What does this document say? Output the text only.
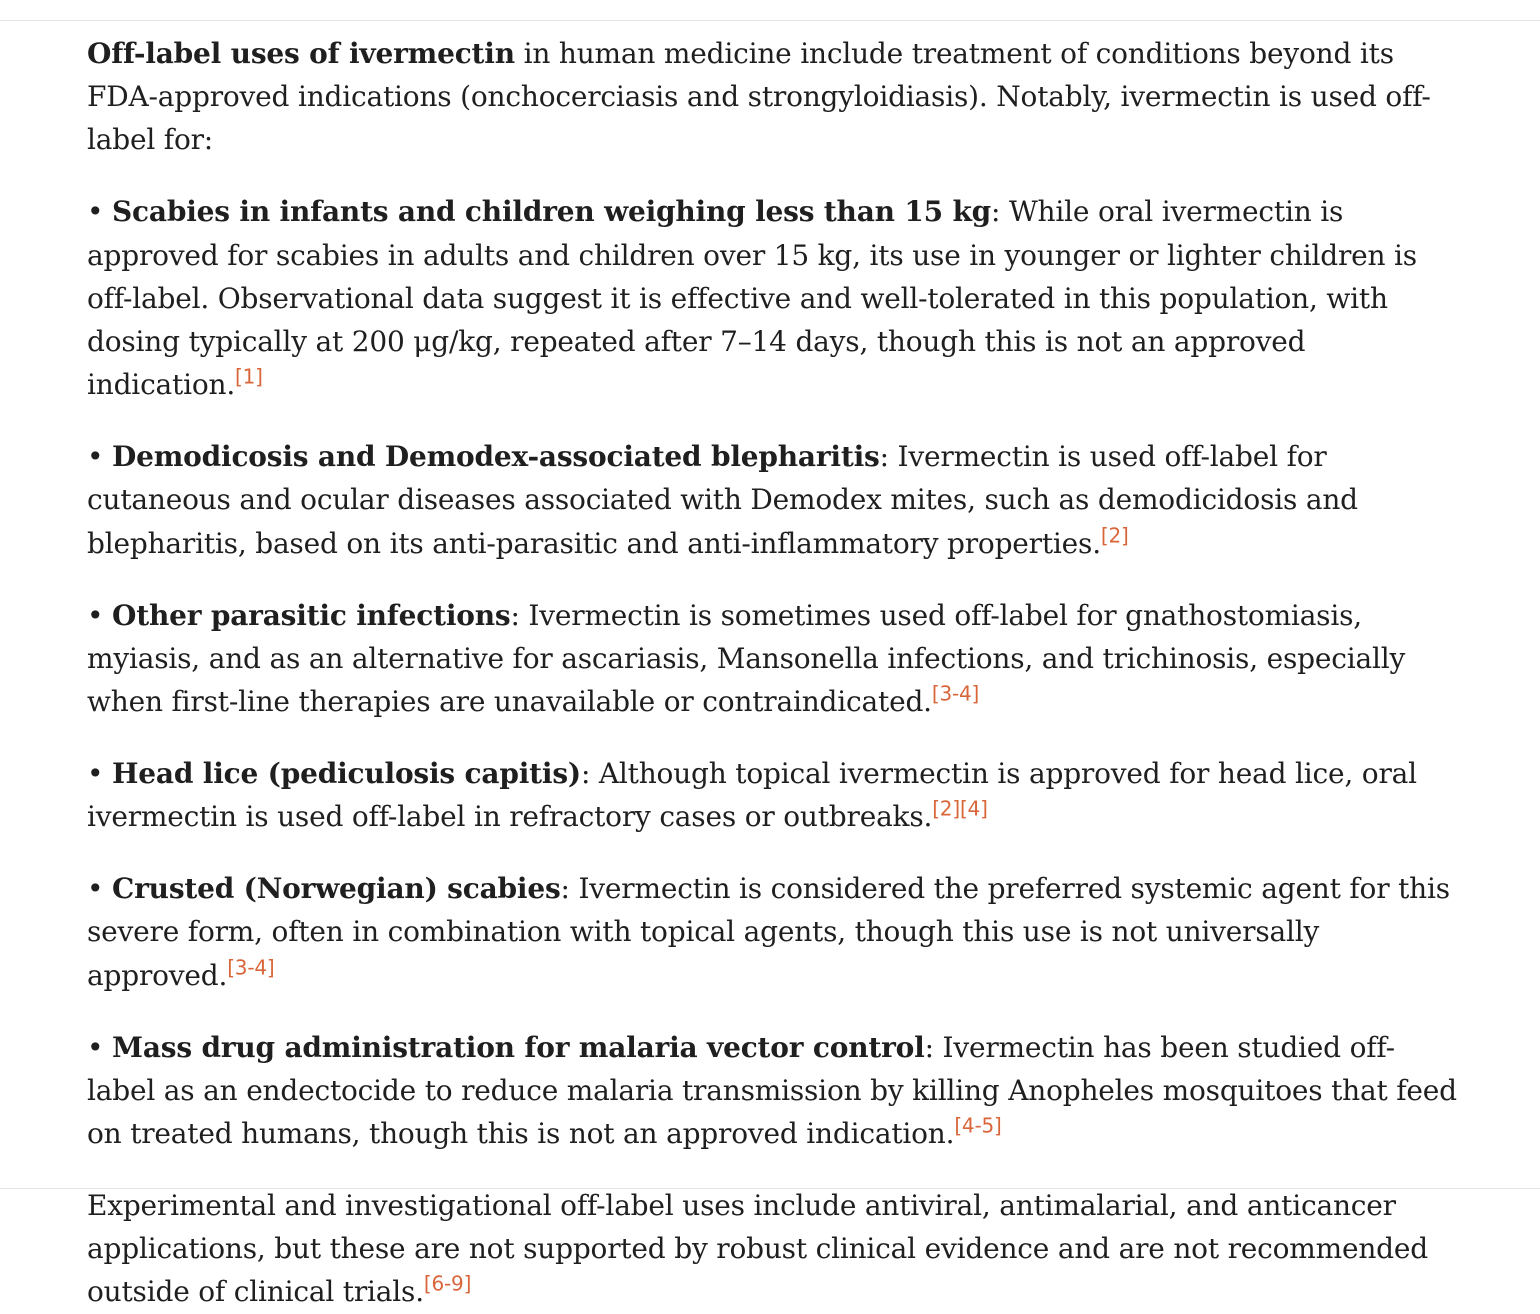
Off-label uses of ivermectin in human medicine include treatment of conditions beyond its FDA-approved indications (onchocerciasis and strongyloidiasis). Notably, ivermectin is used off-label for:

• Scabies in infants and children weighing less than 15 kg: While oral ivermectin is approved for scabies in adults and children over 15 kg, its use in younger or lighter children is off-label. Observational data suggest it is effective and well-tolerated in this population, with dosing typically at 200 μg/kg, repeated after 7–14 days, though this is not an approved indication.[1]

• Demodicosis and Demodex-associated blepharitis: Ivermectin is used off-label for cutaneous and ocular diseases associated with Demodex mites, such as demodicidosis and blepharitis, based on its anti-parasitic and anti-inflammatory properties.[2]

• Other parasitic infections: Ivermectin is sometimes used off-label for gnathostomiasis, myiasis, and as an alternative for ascariasis, Mansonella infections, and trichinosis, especially when first-line therapies are unavailable or contraindicated.[3-4]

• Head lice (pediculosis capitis): Although topical ivermectin is approved for head lice, oral ivermectin is used off-label in refractory cases or outbreaks.[2][4]

• Crusted (Norwegian) scabies: Ivermectin is considered the preferred systemic agent for this severe form, often in combination with topical agents, though this use is not universally approved.[3-4]

• Mass drug administration for malaria vector control: Ivermectin has been studied off-label as an endectocide to reduce malaria transmission by killing Anopheles mosquitoes that feed on treated humans, though this is not an approved indication.[4-5]

Experimental and investigational off-label uses include antiviral, antimalarial, and anticancer applications, but these are not supported by robust clinical evidence and are not recommended outside of clinical trials.[6-9]
